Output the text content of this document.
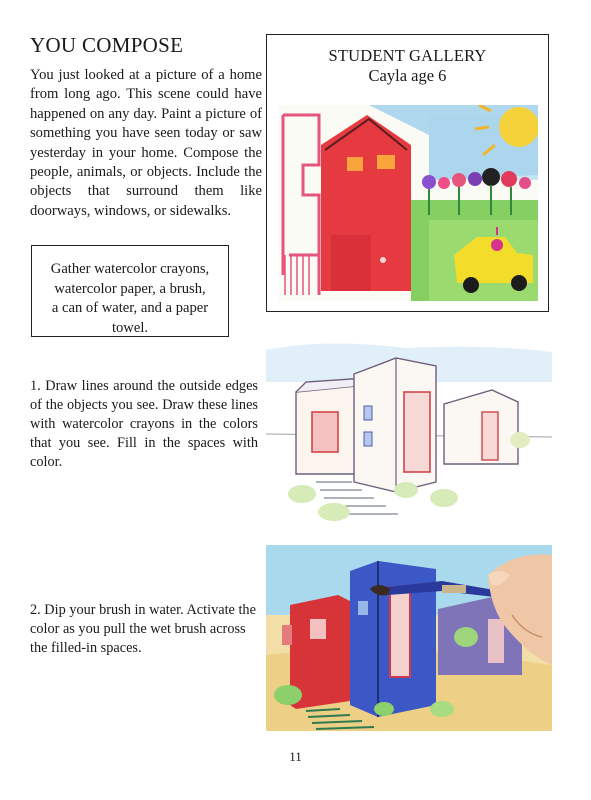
YOU COMPOSE
You just looked at a picture of a home from long ago. This scene could have happened on any day. Paint a picture of something you have seen today or saw yesterday in your home. Compose the people, animals, or objects. Include the objects that surround them like doorways, windows, or sidewalks.
Gather watercolor crayons,
watercolor paper, a brush,
a can of water, and a paper
towel.
STUDENT GALLERY
Cayla age 6
1. Draw lines around the outside edges of the objects you see. Draw these lines with watercolor crayons in the colors that you see. Fill in the spaces with color.
2. Dip your brush in water. Activate the color as you pull the wet brush across the filled-in spaces.
11
